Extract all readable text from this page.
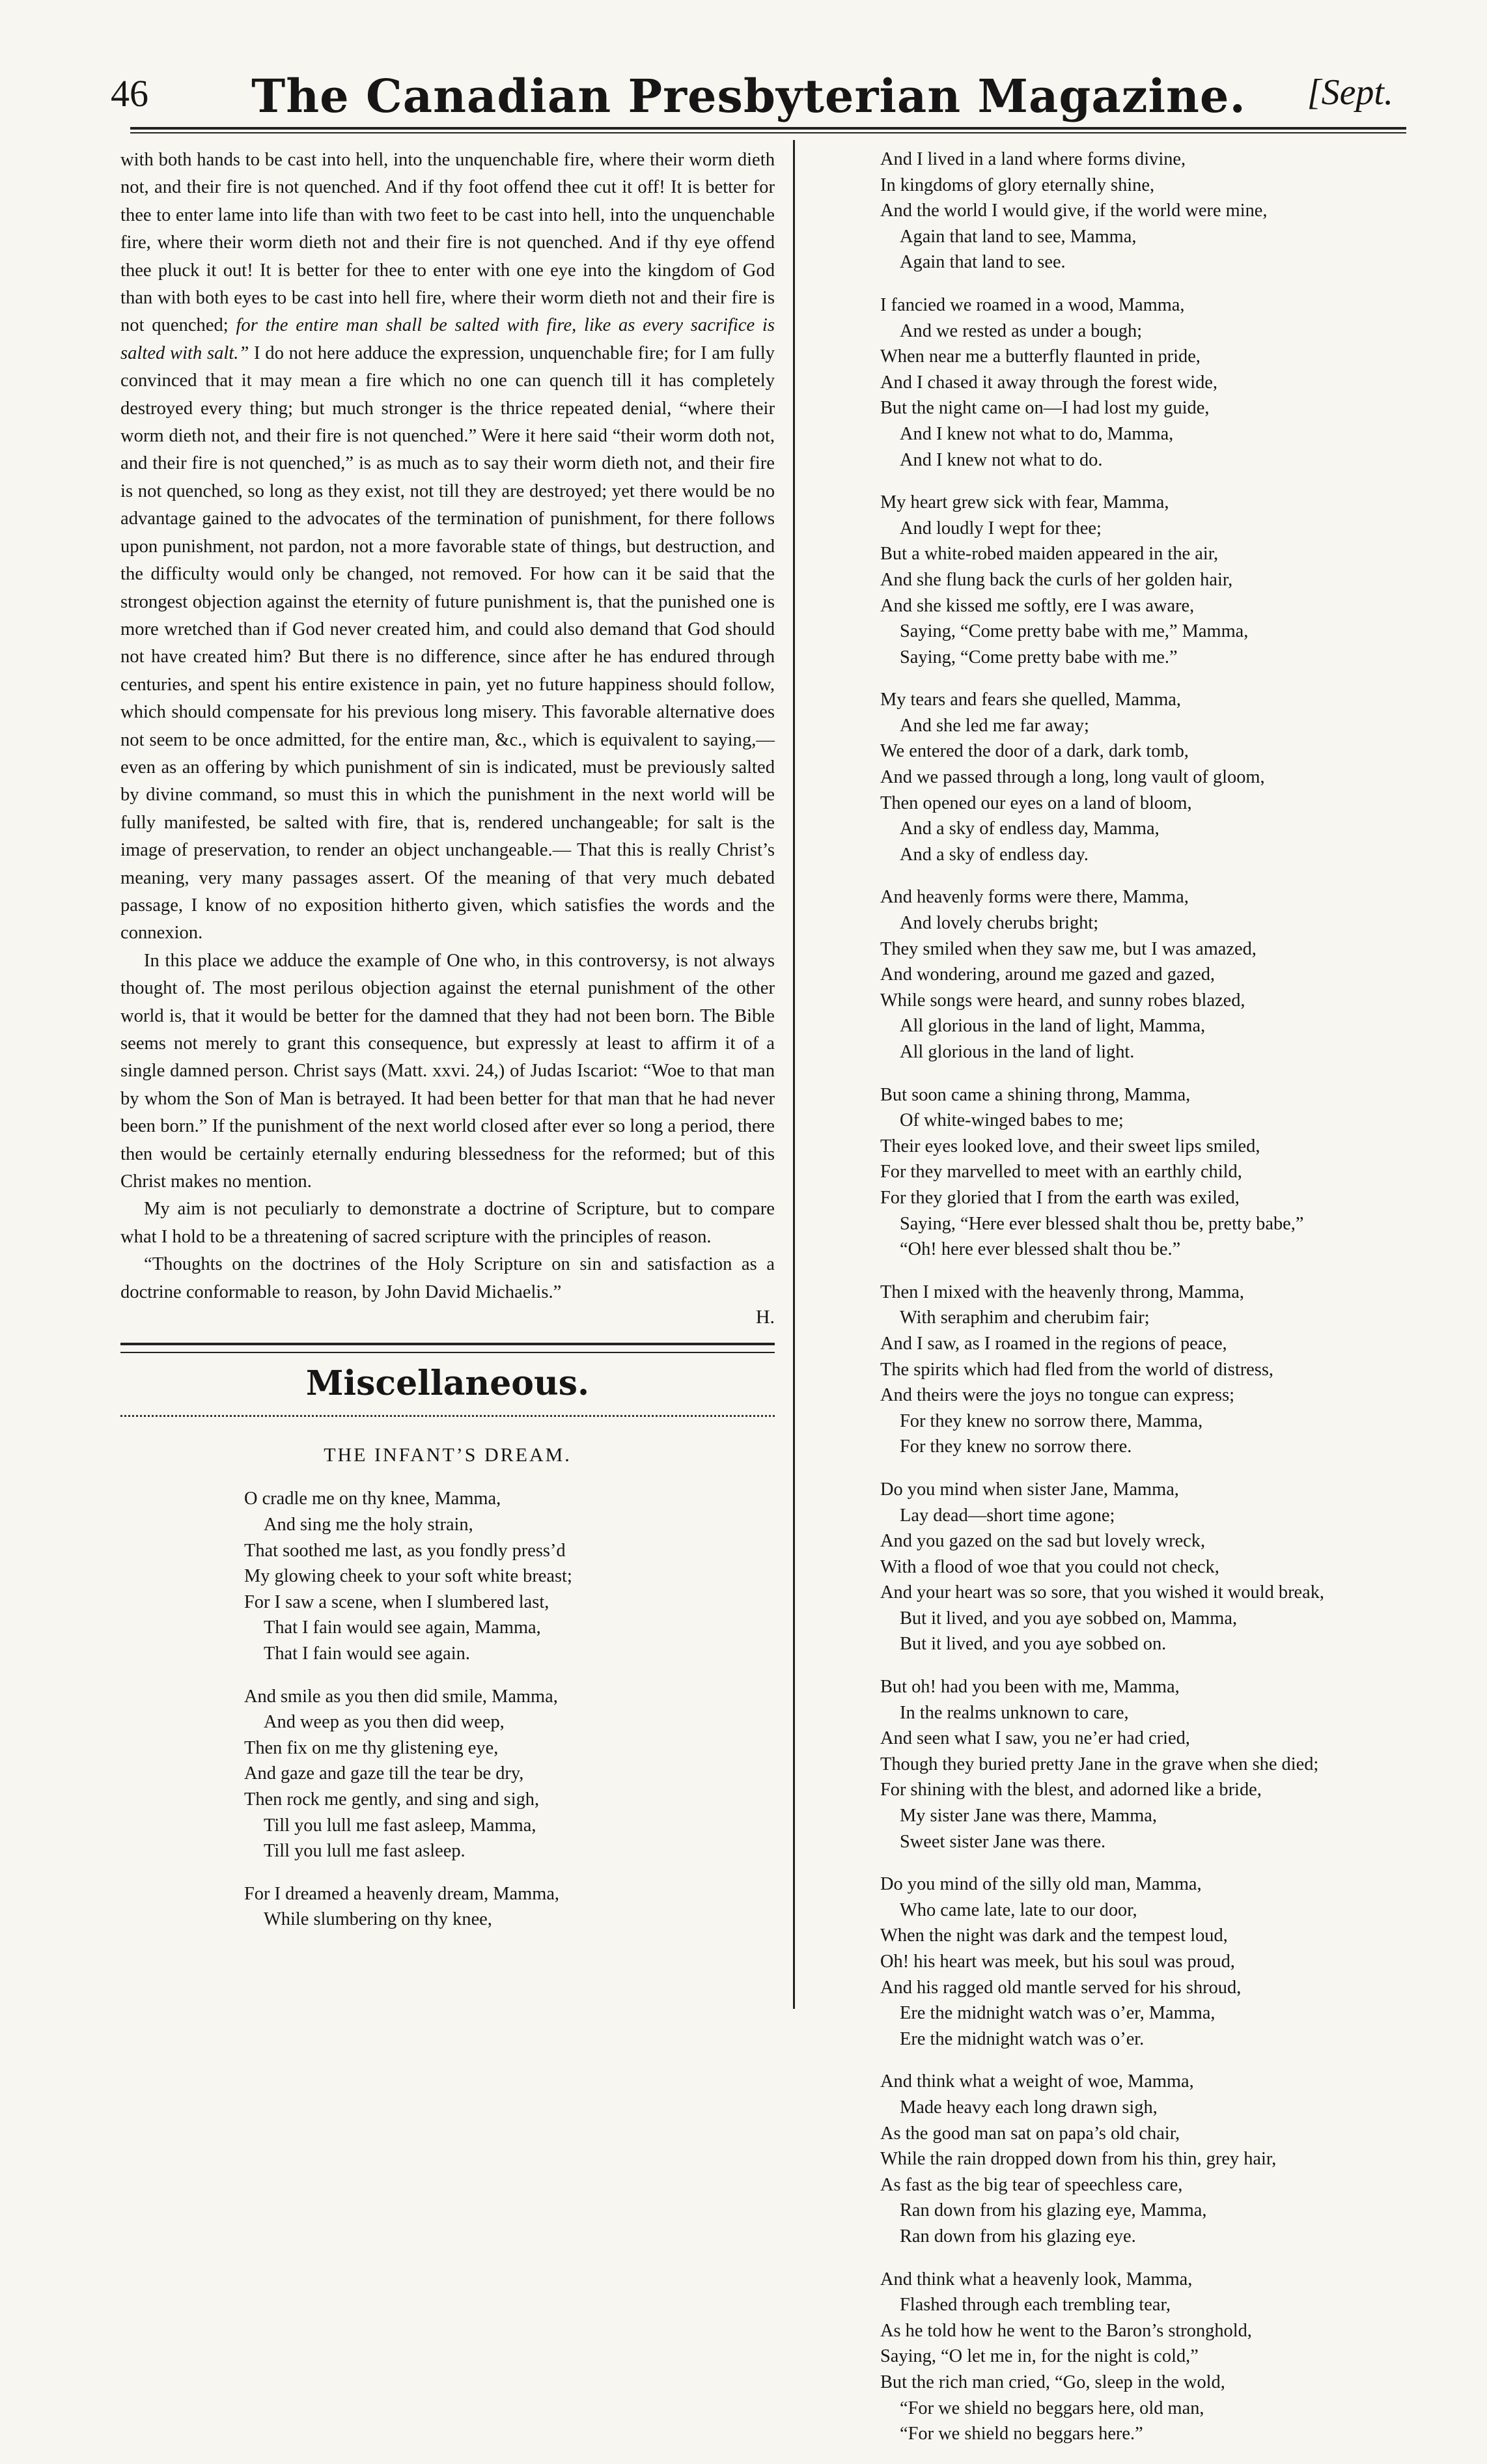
46	The Canadian Presbyterian Magazine.	[Sept.

with both hands to be cast into hell, into the unquenchable fire, where their worm dieth not, and their fire is not quenched. And if thy foot offend thee cut it off! It is better for thee to enter lame into life than with two feet to be cast into hell, into the unquenchable fire, where their worm dieth not and their fire is not quenched. And if thy eye offend thee pluck it out! It is better for thee to enter with one eye into the kingdom of God than with both eyes to be cast into hell fire, where their worm dieth not and their fire is not quenched; for the entire man shall be salted with fire, like as every sacrifice is salted with salt.” I do not here adduce the expression, unquenchable fire; for I am fully convinced that it may mean a fire which no one can quench till it has completely destroyed every thing; but much stronger is the thrice repeated denial, “where their worm dieth not, and their fire is not quenched.” Were it here said “their worm doth not, and their fire is not quenched,” is as much as to say their worm dieth not, and their fire is not quenched, so long as they exist, not till they are destroyed; yet there would be no advantage gained to the advocates of the termination of punishment, for there follows upon punishment, not pardon, not a more favorable state of things, but destruction, and the difficulty would only be changed, not removed. For how can it be said that the strongest objection against the eternity of future punishment is, that the punished one is more wretched than if God never created him, and could also demand that God should not have created him? But there is no difference, since after he has endured through centuries, and spent his entire existence in pain, yet no future happiness should follow, which should compensate for his previous long misery. This favorable alternative does not seem to be once admitted, for the entire man, &c., which is equivalent to saying,—even as an offering by which punishment of sin is indicated, must be previously salted by divine command, so must this in which the punishment in the next world will be fully manifested, be salted with fire, that is, rendered unchangeable; for salt is the image of preservation, to render an object unchangeable.— That this is really Christ’s meaning, very many passages assert. Of the meaning of that very much debated passage, I know of no exposition hitherto given, which satisfies the words and the connexion.

In this place we adduce the example of One who, in this controversy, is not always thought of. The most perilous objection against the eternal punishment of the other world is, that it would be better for the damned that they had not been born. The Bible seems not merely to grant this consequence, but expressly at least to affirm it of a single damned person. Christ says (Matt. xxvi. 24,) of Judas Iscariot: “Woe to that man by whom the Son of Man is betrayed. It had been better for that man that he had never been born.” If the punishment of the next world closed after ever so long a period, there then would be certainly eternally enduring blessedness for the reformed; but of this Christ makes no mention.

My aim is not peculiarly to demonstrate a doctrine of Scripture, but to compare what I hold to be a threatening of sacred scripture with the principles of reason.

“Thoughts on the doctrines of the Holy Scripture on sin and satisfaction as a doctrine conformable to reason, by John David Michaelis.”

H.
Miscellaneous.
THE INFANT’S DREAM.
O cradle me on thy knee, Mamma,
And sing me the holy strain,
That soothed me last, as you fondly press’d
My glowing cheek to your soft white breast;
For I saw a scene, when I slumbered last,
That I fain would see again, Mamma,
That I fain would see again.
And smile as you then did smile, Mamma,
And weep as you then did weep,
Then fix on me thy glistening eye,
And gaze and gaze till the tear be dry,
Then rock me gently, and sing and sigh,
Till you lull me fast asleep, Mamma,
Till you lull me fast asleep.
For I dreamed a heavenly dream, Mamma,
While slumbering on thy knee,
And I lived in a land where forms divine,
In kingdoms of glory eternally shine,
And the world I would give, if the world were mine,
Again that land to see, Mamma,
Again that land to see.
I fancied we roamed in a wood, Mamma,
And we rested as under a bough;
When near me a butterfly flaunted in pride,
And I chased it away through the forest wide,
But the night came on—I had lost my guide,
And I knew not what to do, Mamma,
And I knew not what to do.
My heart grew sick with fear, Mamma,
And loudly I wept for thee;
But a white-robed maiden appeared in the air,
And she flung back the curls of her golden hair,
And she kissed me softly, ere I was aware,
Saying, “Come pretty babe with me,” Mamma,
Saying, “Come pretty babe with me.”
My tears and fears she quelled, Mamma,
And she led me far away;
We entered the door of a dark, dark tomb,
And we passed through a long, long vault of gloom,
Then opened our eyes on a land of bloom,
And a sky of endless day, Mamma,
And a sky of endless day.
And heavenly forms were there, Mamma,
And lovely cherubs bright;
They smiled when they saw me, but I was amazed,
And wondering, around me gazed and gazed,
While songs were heard, and sunny robes blazed,
All glorious in the land of light, Mamma,
All glorious in the land of light.
But soon came a shining throng, Mamma,
Of white-winged babes to me;
Their eyes looked love, and their sweet lips smiled,
For they marvelled to meet with an earthly child,
For they gloried that I from the earth was exiled,
Saying, “Here ever blessed shalt thou be, pretty babe,”
“Oh! here ever blessed shalt thou be.”
Then I mixed with the heavenly throng, Mamma,
With seraphim and cherubim fair;
And I saw, as I roamed in the regions of peace,
The spirits which had fled from the world of distress,
And theirs were the joys no tongue can express;
For they knew no sorrow there, Mamma,
For they knew no sorrow there.
Do you mind when sister Jane, Mamma,
Lay dead—short time agone;
And you gazed on the sad but lovely wreck,
With a flood of woe that you could not check,
And your heart was so sore, that you wished it would break,
But it lived, and you aye sobbed on, Mamma,
But it lived, and you aye sobbed on.
But oh! had you been with me, Mamma,
In the realms unknown to care,
And seen what I saw, you ne’er had cried,
Though they buried pretty Jane in the grave when she died;
For shining with the blest, and adorned like a bride,
My sister Jane was there, Mamma,
Sweet sister Jane was there.
Do you mind of the silly old man, Mamma,
Who came late, late to our door,
When the night was dark and the tempest loud,
Oh! his heart was meek, but his soul was proud,
And his ragged old mantle served for his shroud,
Ere the midnight watch was o’er, Mamma,
Ere the midnight watch was o’er.
And think what a weight of woe, Mamma,
Made heavy each long drawn sigh,
As the good man sat on papa’s old chair,
While the rain dropped down from his thin, grey hair,
As fast as the big tear of speechless care,
Ran down from his glazing eye, Mamma,
Ran down from his glazing eye.
And think what a heavenly look, Mamma,
Flashed through each trembling tear,
As he told how he went to the Baron’s stronghold,
Saying, “O let me in, for the night is cold,”
But the rich man cried, “Go, sleep in the wold,
“For we shield no beggars here, old man,
“For we shield no beggars here.”
